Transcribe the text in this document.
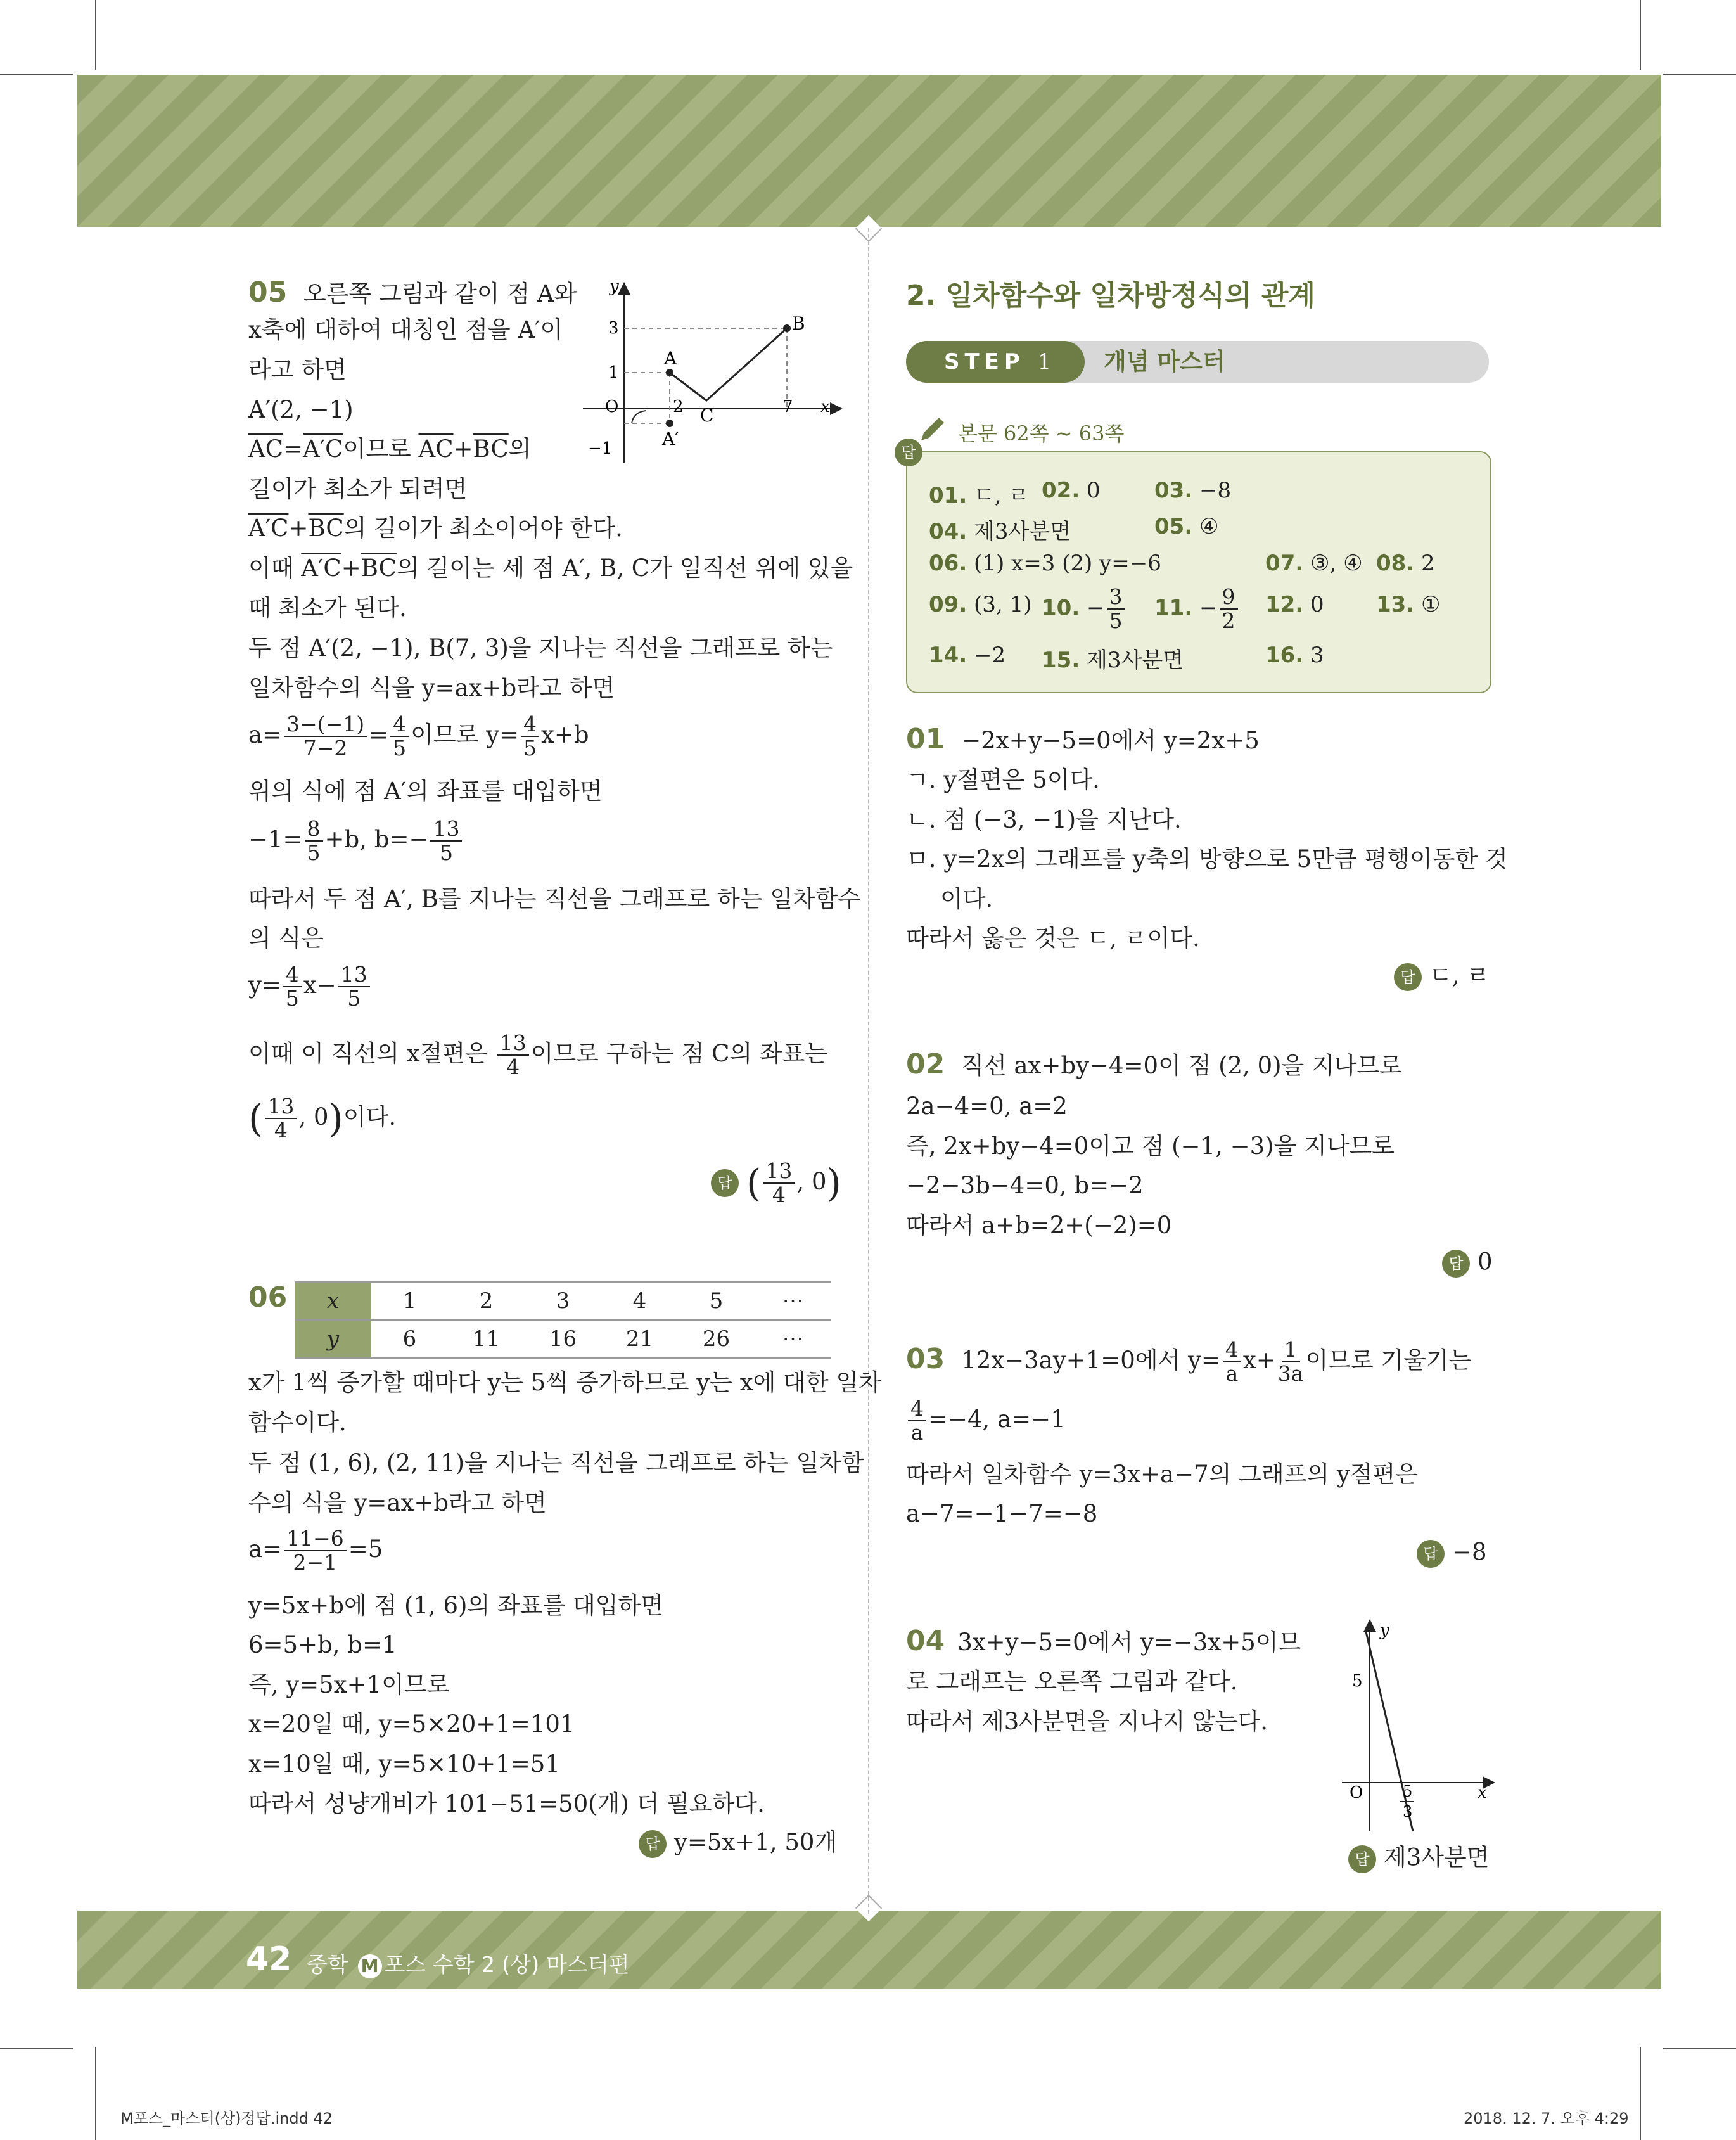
05 오른쪽 그림과 같이 점 A와
x축에 대하여 대칭인 점을 A′이
라고 하면
A′(2, −1)
$\overline{AC}=A'C$이므로 $\overline{AC}+\overline{BC}$의
길이가 최소가 되려면
$A'C+\overline{BC}$의 길이가 최소이어야 한다.
이때 $A'C+\overline{BC}$의 길이는 세 점 A′, B, C가 일직선 위에 있을
때 최소가 된다.
두 점 A′(2, −1), B(7, 3)을 지나는 직선을 그래프로 하는
일차함수의 식을 y=ax+b라고 하면
$a= \frac{3-(-1)}{7-2} = \frac{4}{5}$ 이므로 $y= \frac{4}{5} x+b$
위의 식에 점 A′의 좌표를 대입하면
$-1= \frac{8}{5} +b$, $b=- \frac{13}{5}$
따라서 두 점 A′, B를 지나는 직선을 그래프로 하는 일차함수
의 식은
$y= \frac{4}{5} x- \frac{13}{5}$
이때 이 직선의 x절편은 $\frac{13}{4}$ 이므로 구하는 점 C의 좌표는
( $\frac{13}{4}$ , 0)이다.
답 ( $\frac{13}{4}$ , 0)
y
x
O
3
1
−1
2	7
A
B
C
A′
06 x	1	2	3	4	5	⋯
y	6	11	16	21	26	⋯
x가 1씩 증가할 때마다 y는 5씩 증가하므로 y는 x에 대한 일차
함수이다.
두 점 (1, 6), (2, 11)을 지나는 직선을 그래프로 하는 일차함
수의 식을 y=ax+b라고 하면
$a= \frac{11-6}{2-1} =5$
y=5x+b에 점 (1, 6)의 좌표를 대입하면
6=5+b, b=1
즉, y=5x+1이므로
x=20일 때, y=5×20+1=101
x=10일 때, y=5×10+1=51
따라서 성냥개비가 101−51=50(개) 더 필요하다.
답 y=5x+1, 50개
2. 일차함수와 일차방정식의 관계
STEP 1	개념 마스터
본문 62쪽 ~ 63쪽
답
01. ㄷ, ㄹ 02. 0	03. −8
04. 제3사분면	05. ④
06. (1) x=3 (2) y=−6	07. ③, ④ 08. 2
09. (3, 1) 10. − $\frac{3}{5} 11$. − $\frac{9}{2} 12$. 0 13. ①
14. −2 15. 제3사분면	16. 3
01 −2x+y−5=0에서 y=2x+5
ㄱ. y절편은 5이다.
ㄴ. 점 (−3, −1)을 지난다.
ㅁ. y=2x의 그래프를 y축의 방향으로 5만큼 평행이동한 것
이다.
따라서 옳은 것은 ㄷ, ㄹ이다.
답 ㄷ, ㄹ
02 직선 ax+by−4=0이 점 (2, 0)을 지나므로
2a−4=0, a=2
즉, 2x+by−4=0이고 점 (−1, −3)을 지나므로
−2−3b−4=0, b=−2
따라서 a+b=2+(−2)=0
답 0
03 12x−3ay+1=0에서 $y= \frac{4}{a} x+ \frac{1}{3a}$ 이므로 기울기는
$\frac{4}{a} =-4$, a=−1
따라서 일차함수 y=3x+a−7의 그래프의 y절편은
a−7=−1−7=−8
답 −8
04 3x+y−5=0에서 y=−3x+5이므
로 그래프는 오른쪽 그림과 같다.
따라서 제3사분면을 지나지 않는다.
y
x
O
5
5
3
답 제3사분면
42 중학 M 포스 수학 2 (상) 마스터편
M포스_마스터(상)정답.indd 42	2018. 12. 7. 오후 4:29
